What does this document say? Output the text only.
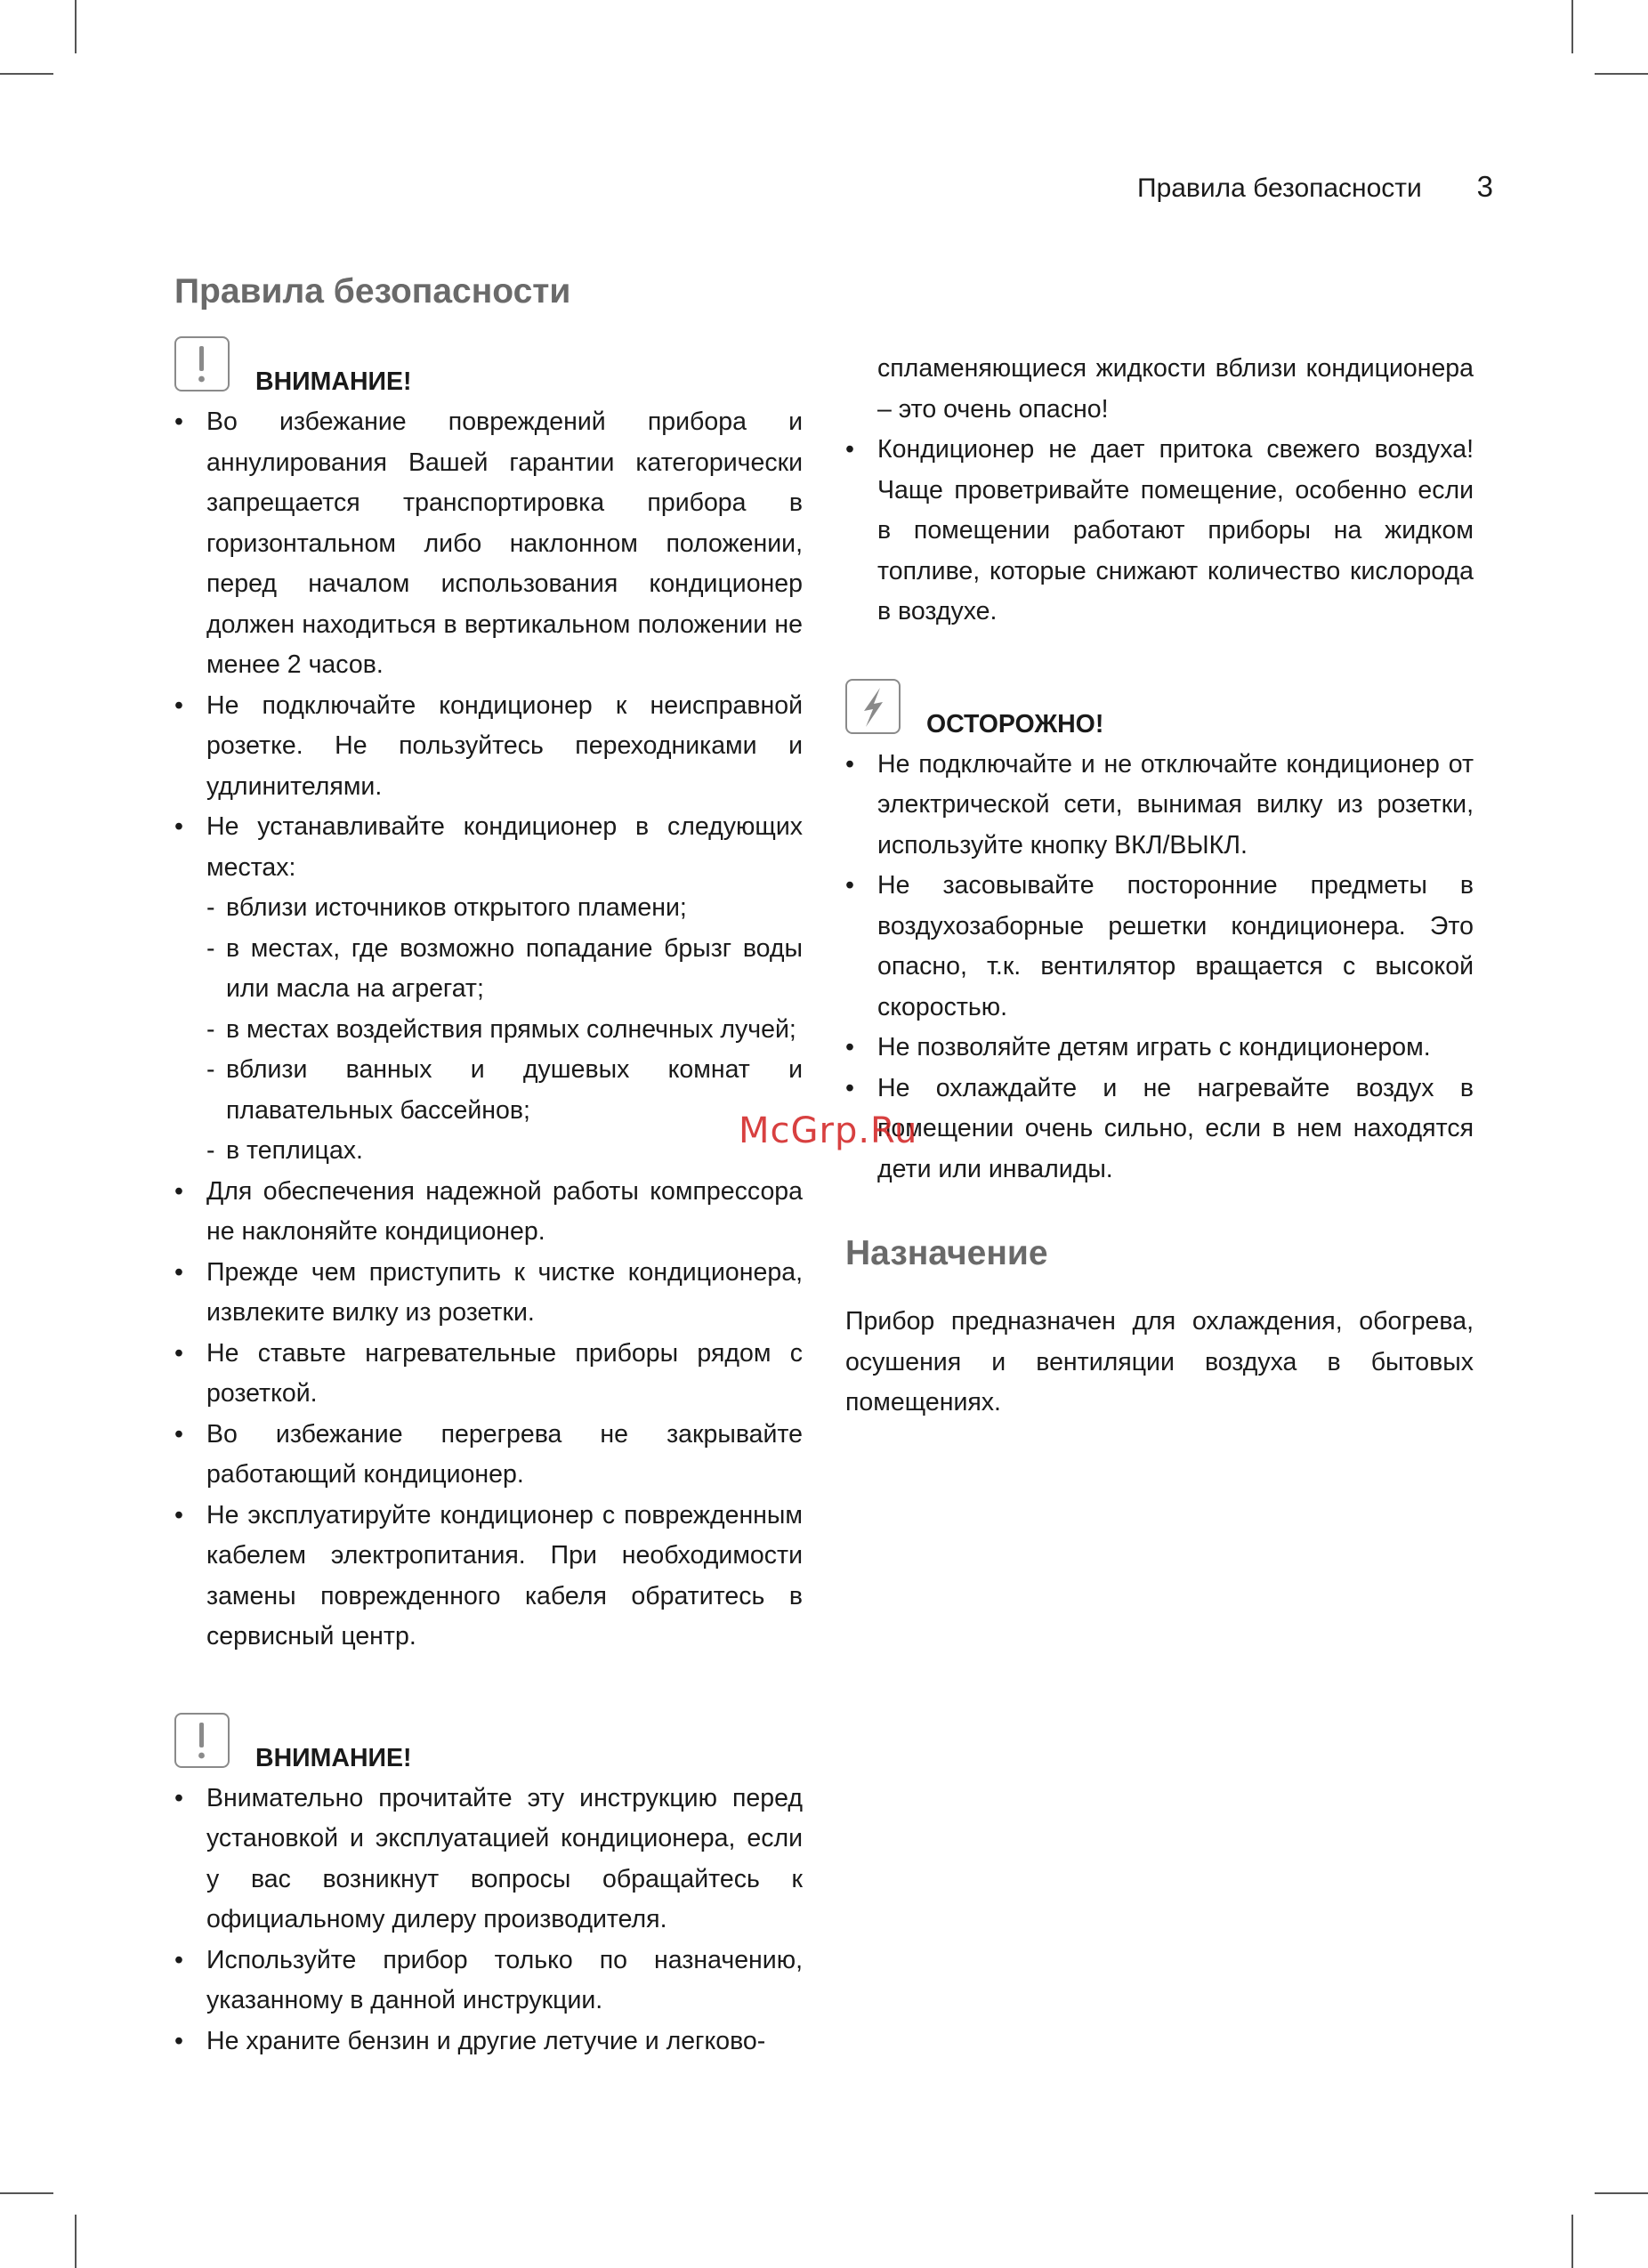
Правила безопасности 3
Правила безопасности
ВНИМАНИЕ!
• Во избежание повреждений прибора и аннулирования Вашей гарантии категорически запрещается транспортировка прибора в горизонтальном либо наклонном положении, перед началом использования кондиционер должен находиться в вертикальном положении не менее 2 часов.
• Не подключайте кондиционер к неисправной розетке. Не пользуйтесь переходниками и удлинителями.
• Не устанавливайте кондиционер в следующих местах:
- вблизи источников открытого пламени;
- в местах, где возможно попадание брызг воды или масла на агрегат;
- в местах воздействия прямых солнечных лучей;
- вблизи ванных и душевых комнат и плавательных бассейнов;
- в теплицах.
• Для обеспечения надежной работы компрессора не наклоняйте кондиционер.
• Прежде чем приступить к чистке кондиционера, извлеките вилку из розетки.
• Не ставьте нагревательные приборы рядом с розеткой.
• Во избежание перегрева не закрывайте работающий кондиционер.
• Не эксплуатируйте кондиционер с поврежденным кабелем электропитания. При необходимости замены поврежденного кабеля обратитесь в сервисный центр.
ВНИМАНИЕ!
• Внимательно прочитайте эту инструкцию перед установкой и эксплуатацией кондиционера, если у вас возникнут вопросы обращайтесь к официальному дилеру производителя.
• Используйте прибор только по назначению, указанному в данной инструкции.
• Не храните бензин и другие летучие и легково-
спламеняющиеся жидкости вблизи кондиционера – это очень опасно!
• Кондиционер не дает притока свежего воздуха! Чаще проветривайте помещение, особенно если в помещении работают приборы на жидком топливе, которые снижают количество кислорода в воздухе.
ОСТОРОЖНО!
• Не подключайте и не отключайте кондиционер от электрической сети, вынимая вилку из розетки, используйте кнопку ВКЛ/ВЫКЛ.
• Не засовывайте посторонние предметы в воздухозаборные решетки кондиционера. Это опасно, т.к. вентилятор вращается с высокой скоростью.
• Не позволяйте детям играть с кондиционером.
• Не охлаждайте и не нагревайте воздух в помещении очень сильно, если в нем находятся дети или инвалиды.
Назначение

Прибор предназначен для охлаждения, обогрева, осушения и вентиляции воздуха в бытовых помещениях.

McGrp.Ru
